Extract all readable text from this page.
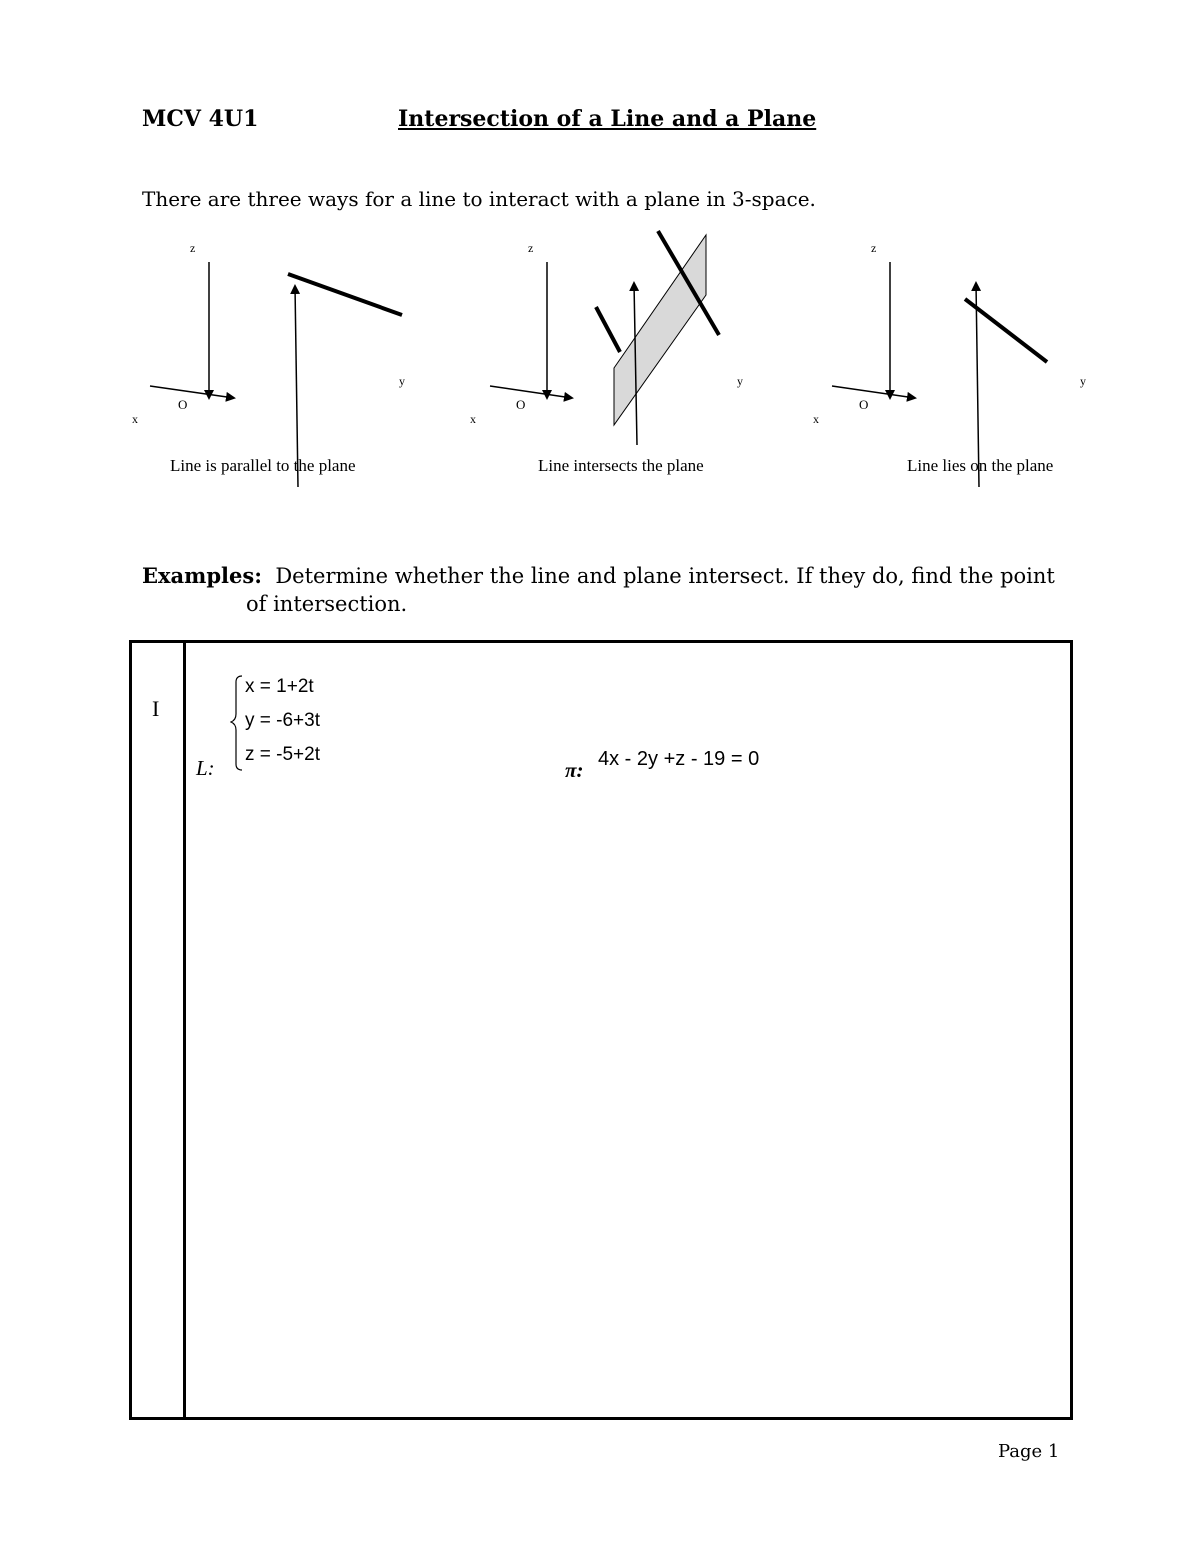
MCV 4U1	Intersection of a Line and a Plane
There are three ways for a line to interact with a plane in 3-space.
z
y
x
O
z
y
x
O
z
y
x
O
Line is parallel to the plane	Line intersects the plane	Line lies on the plane
Examples: Determine whether the line and plane intersect. If they do, find the point
of intersection.
I
x = 1+2t
y = -6+3t
z = -5+2t
L:	π: 4x - 2y +z - 19 = 0
Page 1
